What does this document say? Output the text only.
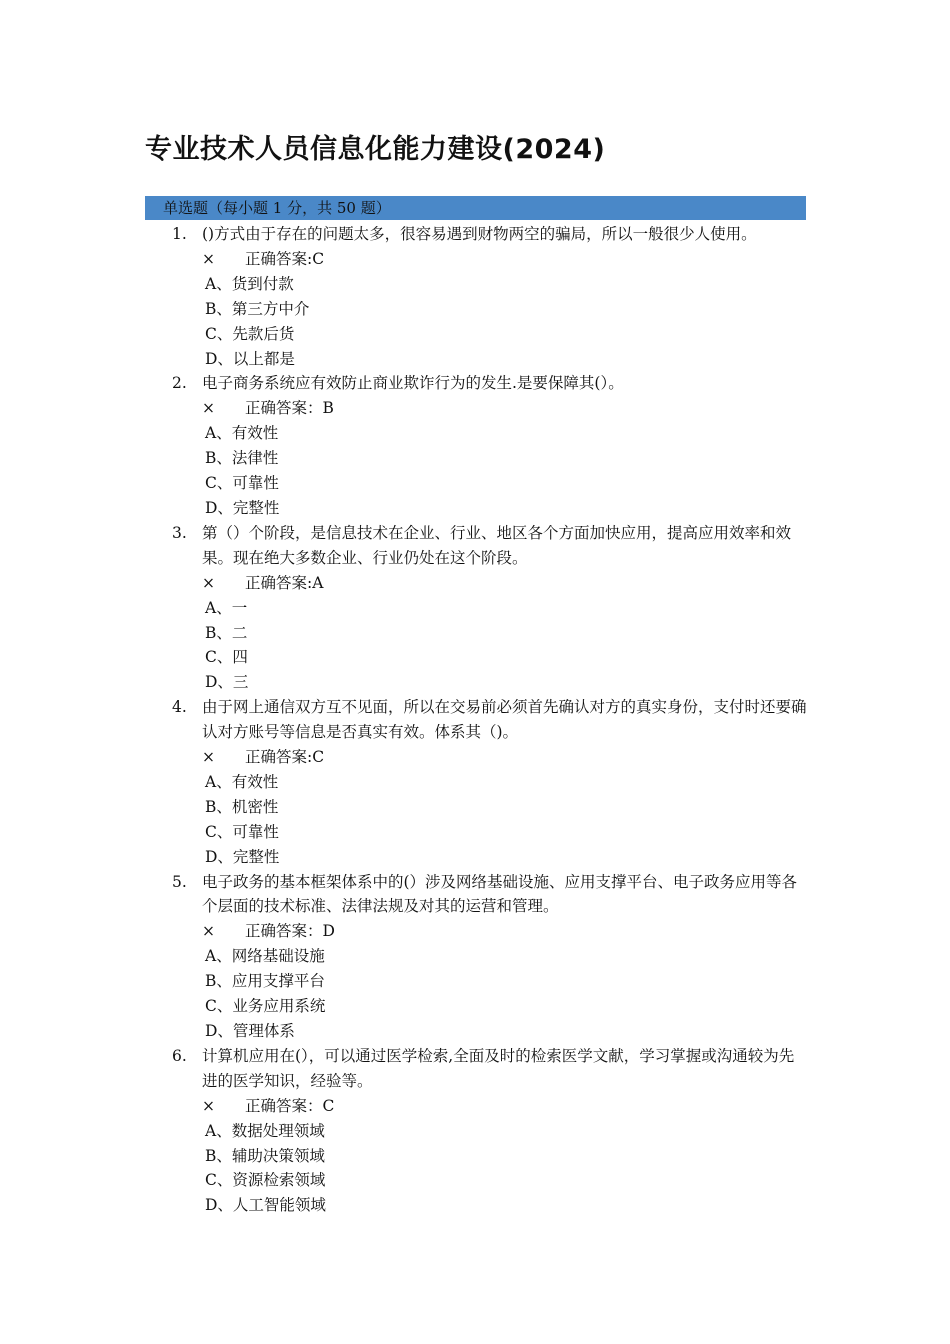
专业技术人员信息化能力建设(2024)
单选题（每小题 1 分，共 50 题）
1. ()方式由于存在的问题太多，很容易遇到财物两空的骗局，所以一般很少人使用。
× 正确答案:C
A、货到付款
B、第三方中介
C、先款后货
D、以上都是
2. 电子商务系统应有效防止商业欺诈行为的发生.是要保障其(）。
× 正确答案：B
A、有效性
B、法律性
C、可靠性
D、完整性
3. 第（）个阶段，是信息技术在企业、行业、地区各个方面加快应用，提高应用效率和效果。现在绝大多数企业、行业仍处在这个阶段。
× 正确答案:A
A、一
B、二
C、四
D、三
4. 由于网上通信双方互不见面，所以在交易前必须首先确认对方的真实身份，支付时还要确认对方账号等信息是否真实有效。体系其（)。
× 正确答案:C
A、有效性
B、机密性
C、可靠性
D、完整性
5. 电子政务的基本框架体系中的(）涉及网络基础设施、应用支撑平台、电子政务应用等各个层面的技术标准、法律法规及对其的运营和管理。
× 正确答案：D
A、网络基础设施
B、应用支撑平台
C、业务应用系统
D、管理体系
6. 计算机应用在(），可以通过医学检索,全面及时的检索医学文献，学习掌握或沟通较为先进的医学知识，经验等。
× 正确答案：C
A、数据处理领域
B、辅助决策领域
C、资源检索领域
D、人工智能领域
